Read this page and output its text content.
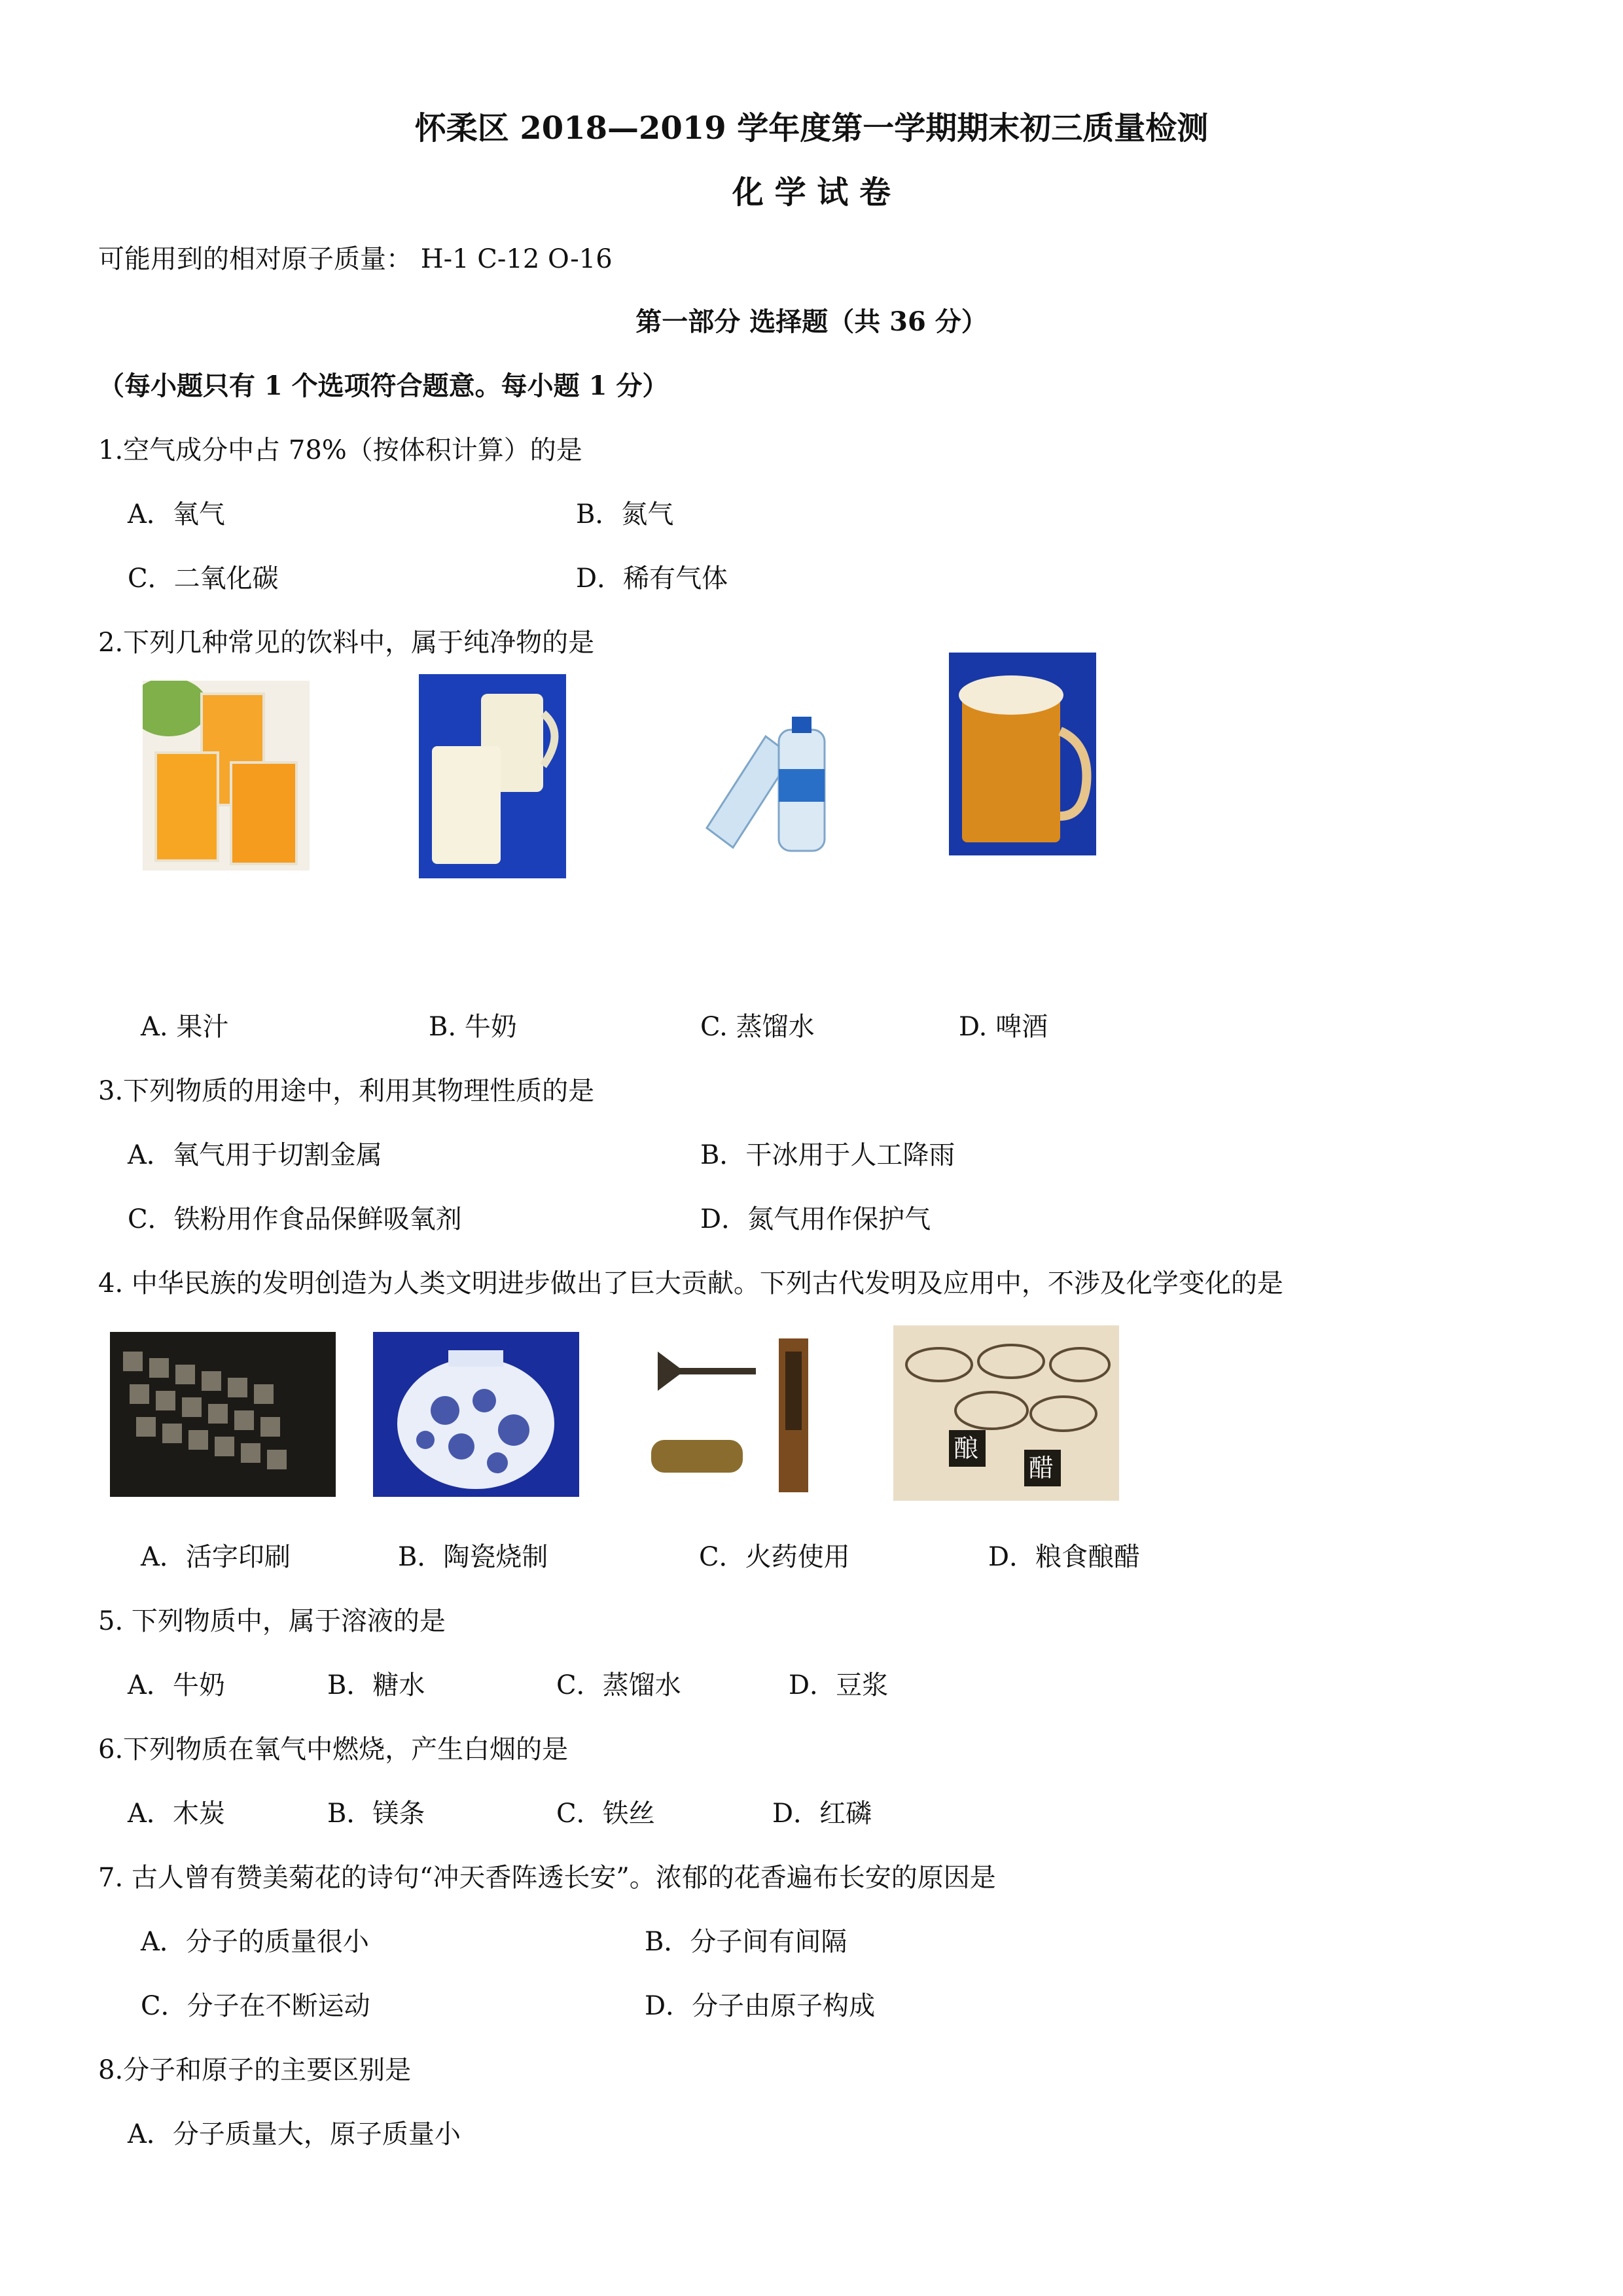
怀柔区 2018—2019 学年度第一学期期末初三质量检测
化 学 试 卷
可能用到的相对原子质量： H-1 C-12 O-16
第一部分 选择题（共 36 分）
（每小题只有 1 个选项符合题意。每小题 1 分）
1.空气成分中占 78%（按体积计算）的是
A．氧气	B．氮气
C．二氧化碳	D．稀有气体
2.下列几种常见的饮料中，属于纯净物的是
A. 果汁	B. 牛奶	C. 蒸馏水	D. 啤酒
3.下列物质的用途中，利用其物理性质的是
A．氧气用于切割金属	B．干冰用于人工降雨
C．铁粉用作食品保鲜吸氧剂	D．氮气用作保护气
4. 中华民族的发明创造为人类文明进步做出了巨大贡献。下列古代发明及应用中，不涉及化学变化的是
酿
醋
A．活字印刷	B．陶瓷烧制	C．火药使用	D．粮食酿醋
5. 下列物质中，属于溶液的是
A．牛奶	B．糖水	C．蒸馏水	D．豆浆
6.下列物质在氧气中燃烧，产生白烟的是
A．木炭	B．镁条	C．铁丝	D．红磷
7. 古人曾有赞美菊花的诗句“冲天香阵透长安”。浓郁的花香遍布长安的原因是
A．分子的质量很小	B．分子间有间隔
C．分子在不断运动	D．分子由原子构成
8.分子和原子的主要区别是
A．分子质量大，原子质量小
